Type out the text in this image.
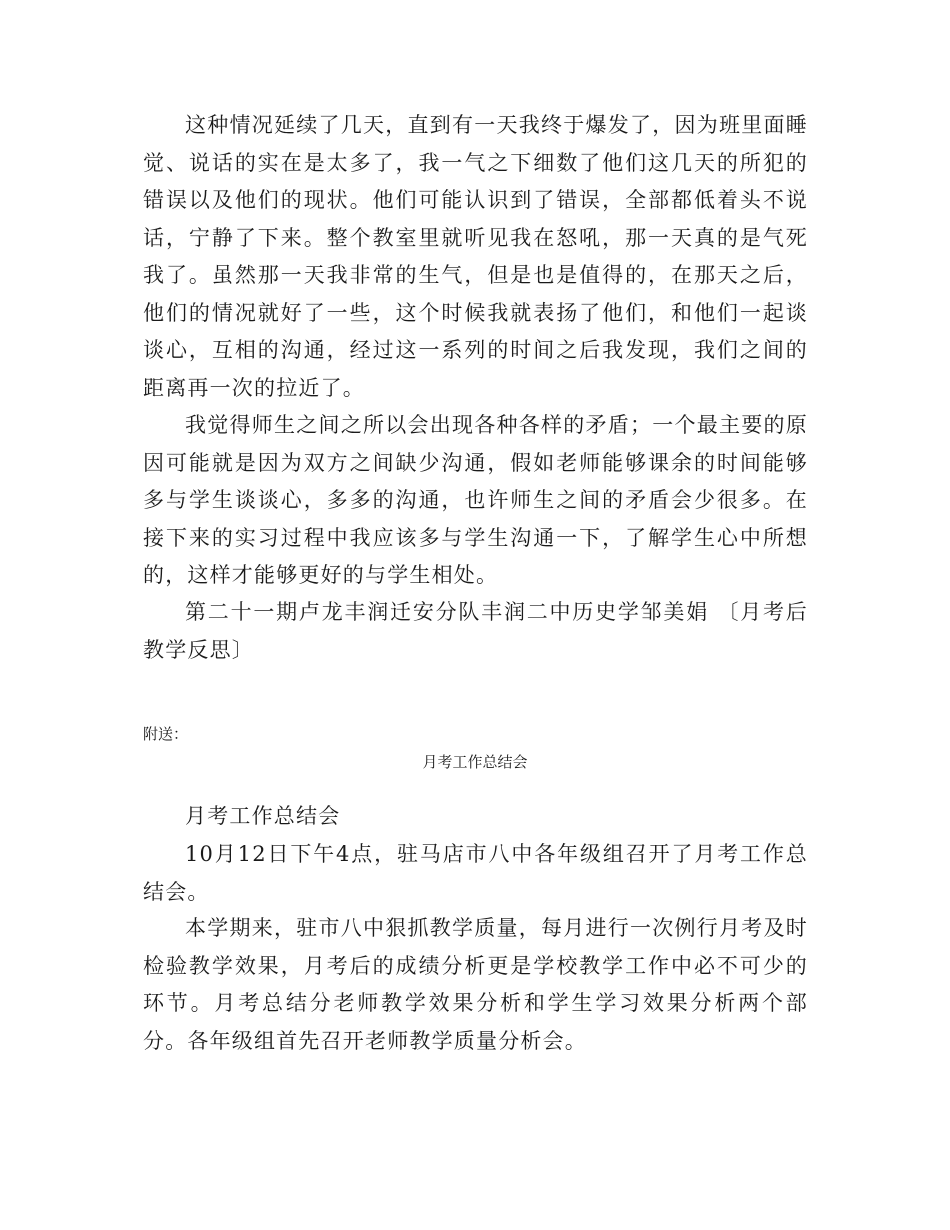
这种情况延续了几天，直到有一天我终于爆发了，因为班里面睡觉、说话的实在是太多了，我一气之下细数了他们这几天的所犯的错误以及他们的现状。他们可能认识到了错误，全部都低着头不说话，宁静了下来。整个教室里就听见我在怒吼，那一天真的是气死我了。虽然那一天我非常的生气，但是也是值得的，在那天之后，他们的情况就好了一些，这个时候我就表扬了他们，和他们一起谈谈心，互相的沟通，经过这一系列的时间之后我发现，我们之间的距离再一次的拉近了。

我觉得师生之间之所以会出现各种各样的矛盾；一个最主要的原因可能就是因为双方之间缺少沟通，假如老师能够课余的时间能够多与学生谈谈心，多多的沟通，也许师生之间的矛盾会少很多。在接下来的实习过程中我应该多与学生沟通一下，了解学生心中所想的，这样才能够更好的与学生相处。

第二十一期卢龙丰润迁安分队丰润二中历史学邹美娟 〔月考后教学反思〕

附送：

月考工作总结会

月考工作总结会

10月12日下午4点，驻马店市八中各年级组召开了月考工作总结会。

本学期来，驻市八中狠抓教学质量，每月进行一次例行月考及时检验教学效果，月考后的成绩分析更是学校教学工作中必不可少的环节。月考总结分老师教学效果分析和学生学习效果分析两个部分。各年级组首先召开老师教学质量分析会。
